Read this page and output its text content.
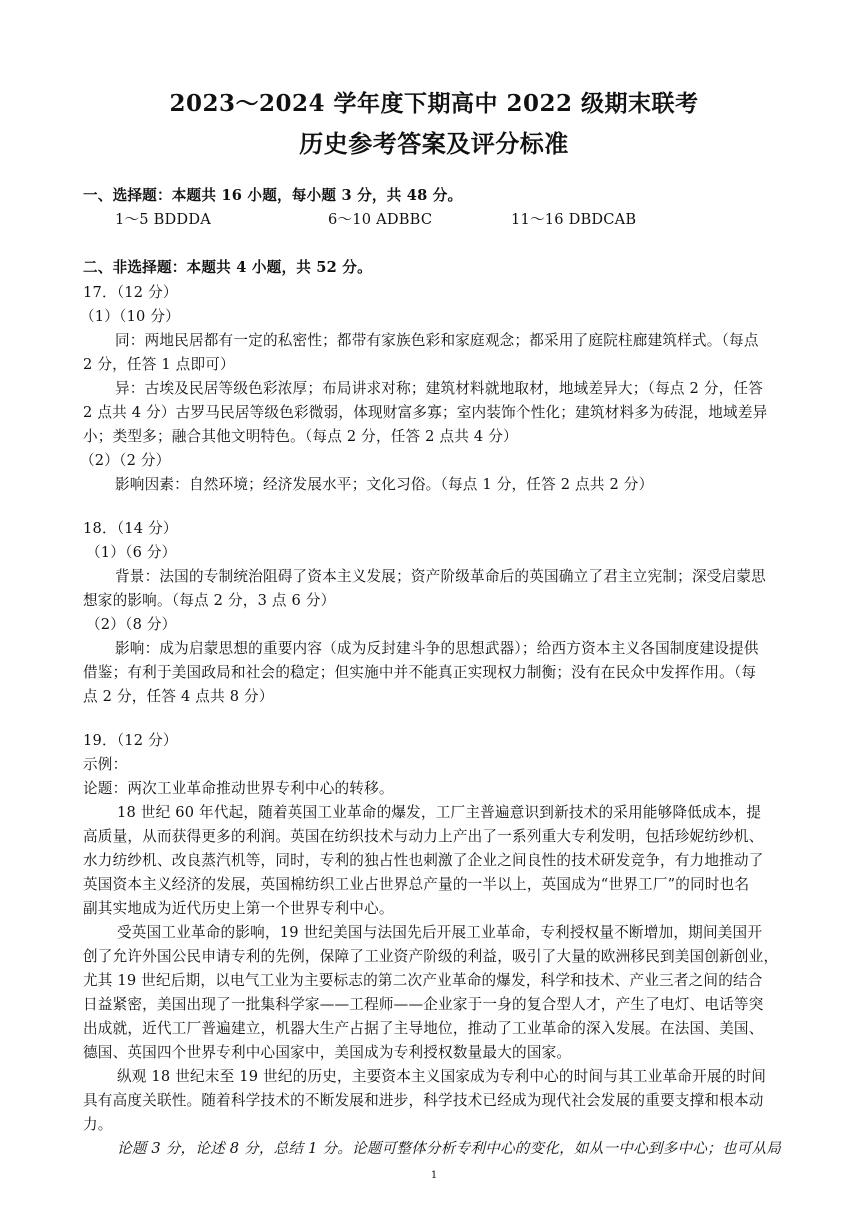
2023～2024 学年度下期高中 2022 级期末联考
历史参考答案及评分标准
一、选择题：本题共 16 小题，每小题 3 分，共 48 分。
1～5 BDDDA	6～10 ADBBC	11～16 DBDCAB
二、非选择题：本题共 4 小题，共 52 分。
17．（12 分）
（1）（10 分）
同：两地民居都有一定的私密性；都带有家族色彩和家庭观念；都采用了庭院柱廊建筑样式。（每点
2 分，任答 1 点即可）
异：古埃及民居等级色彩浓厚；布局讲求对称；建筑材料就地取材，地域差异大；（每点 2 分，任答
2 点共 4 分）古罗马民居等级色彩微弱，体现财富多寡；室内装饰个性化；建筑材料多为砖混，地域差异
小；类型多；融合其他文明特色。（每点 2 分，任答 2 点共 4 分）
（2）（2 分）
影响因素：自然环境；经济发展水平；文化习俗。（每点 1 分，任答 2 点共 2 分）
18．（14 分）
（1）（6 分）
背景：法国的专制统治阻碍了资本主义发展；资产阶级革命后的英国确立了君主立宪制；深受启蒙思
想家的影响。（每点 2 分，3 点 6 分）
（2）（8 分）
影响：成为启蒙思想的重要内容（成为反封建斗争的思想武器）；给西方资本主义各国制度建设提供
借鉴；有利于美国政局和社会的稳定；但实施中并不能真正实现权力制衡；没有在民众中发挥作用。（每
点 2 分，任答 4 点共 8 分）
19．（12 分）
示例：
论题：两次工业革命推动世界专利中心的转移。
18 世纪 60 年代起，随着英国工业革命的爆发，工厂主普遍意识到新技术的采用能够降低成本，提
高质量，从而获得更多的利润。英国在纺织技术与动力上产出了一系列重大专利发明，包括珍妮纺纱机、
水力纺纱机、改良蒸汽机等，同时，专利的独占性也刺激了企业之间良性的技术研发竞争，有力地推动了
英国资本主义经济的发展，英国棉纺织工业占世界总产量的一半以上，英国成为“世界工厂”的同时也名
副其实地成为近代历史上第一个世界专利中心。
受英国工业革命的影响，19 世纪美国与法国先后开展工业革命，专利授权量不断增加，期间美国开
创了允许外国公民申请专利的先例，保障了工业资产阶级的利益，吸引了大量的欧洲移民到美国创新创业，
尤其 19 世纪后期，以电气工业为主要标志的第二次产业革命的爆发，科学和技术、产业三者之间的结合
日益紧密，美国出现了一批集科学家——工程师——企业家于一身的复合型人才，产生了电灯、电话等突
出成就，近代工厂普遍建立，机器大生产占据了主导地位，推动了工业革命的深入发展。在法国、美国、
德国、英国四个世界专利中心国家中，美国成为专利授权数量最大的国家。
纵观 18 世纪末至 19 世纪的历史，主要资本主义国家成为专利中心的时间与其工业革命开展的时间
具有高度关联性。随着科学技术的不断发展和进步，科学技术已经成为现代社会发展的重要支撑和根本动
力。
论题 3 分，论述 8 分，总结 1 分。论题可整体分析专利中心的变化，如从一中心到多中心；也可从局
1
